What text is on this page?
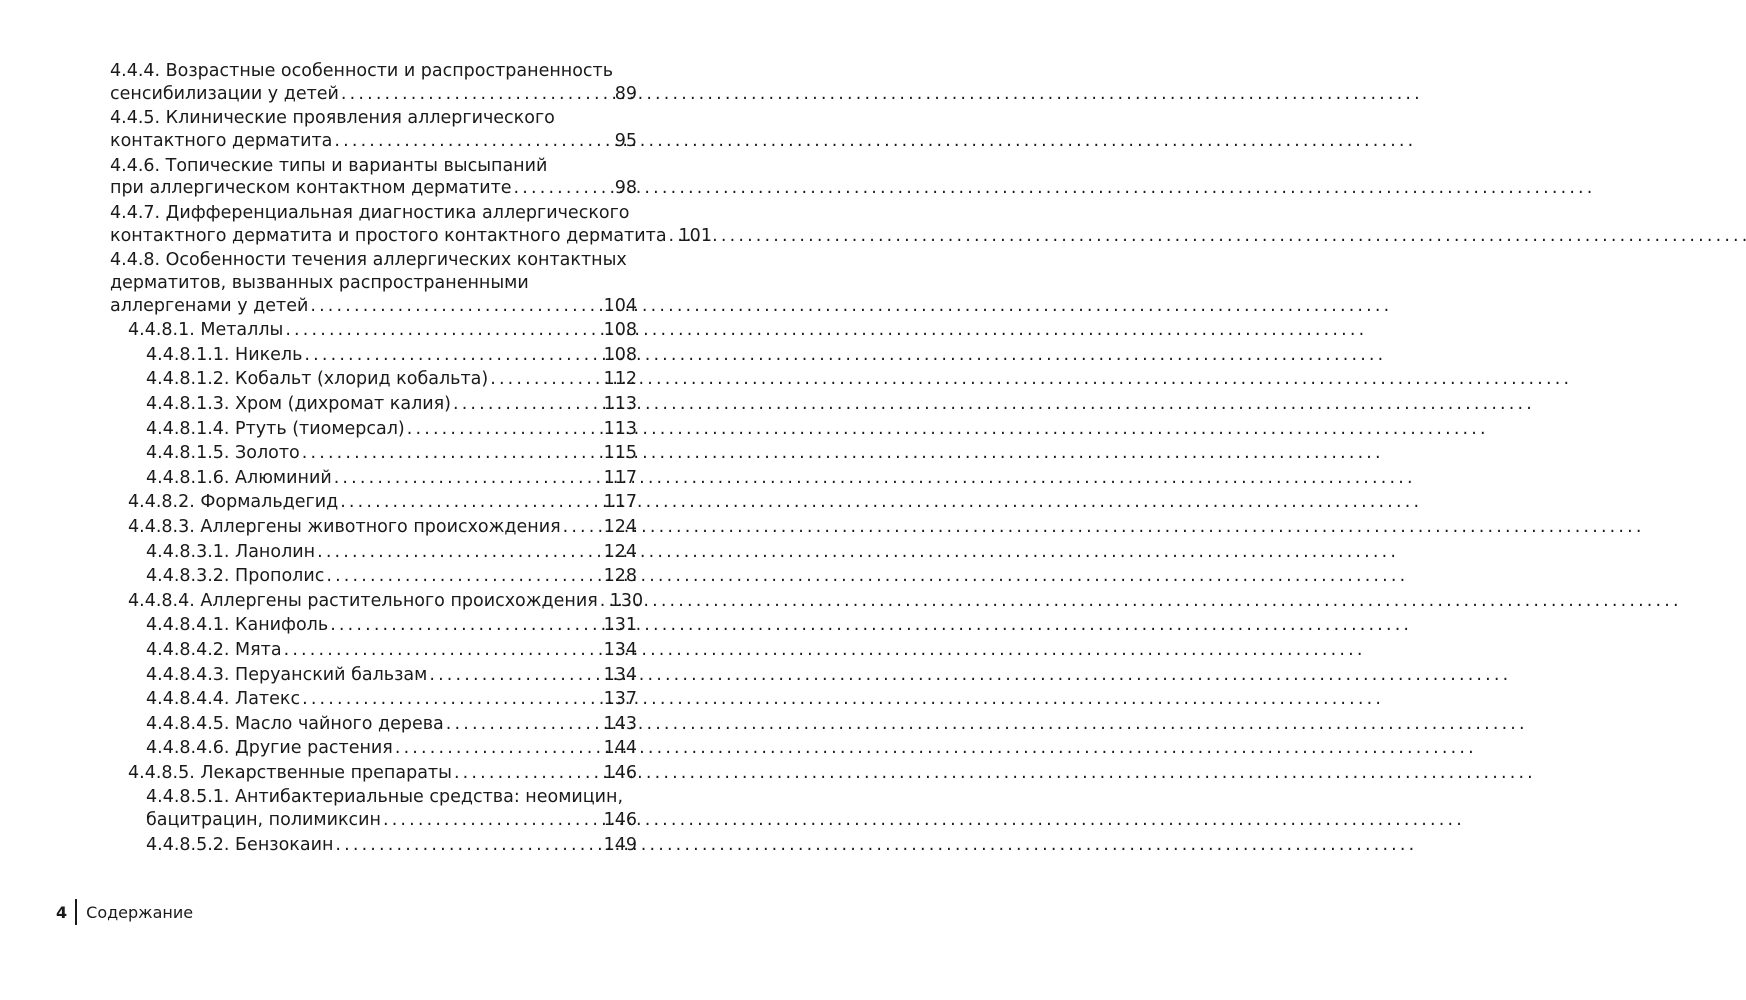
4.4.4. Возрастные особенности и распространенность
сенсибилизации у детей . . .	89
4.4.5. Клинические проявления аллергического
контактного дерматита . . .	95
4.4.6. Топические типы и варианты высыпаний
при аллергическом контактном дерматите . . .	98
4.4.7. Дифференциальная диагностика аллергического
контактного дерматита и простого контактного дерматита . . . 101
4.4.8. Особенности течения аллергических контактных
дерматитов, вызванных распространенными
аллергенами у детей . . .	104
4.4.8.1. Металлы . . .	108
4.4.8.1.1. Никель . . .	108
4.4.8.1.2. Кобальт (хлорид кобальта) . . .	112
4.4.8.1.3. Хром (дихромат калия) . . .	113
4.4.8.1.4. Ртуть (тиомерсал) . . .	113
4.4.8.1.5. Золото . . .	115
4.4.8.1.6. Алюминий . . .	117
4.4.8.2. Формальдегид . . .	117
4.4.8.3. Аллергены животного происхождения . . . 124
4.4.8.3.1. Ланолин . . .	124
4.4.8.3.2. Прополис . . .	128
4.4.8.4. Аллергены растительного происхождения . . . 130
4.4.8.4.1. Канифоль . . .	131
4.4.8.4.2. Мята . . .	134
4.4.8.4.3. Перуанский бальзам . . .	134
4.4.8.4.4. Латекс . . .	137
4.4.8.4.5. Масло чайного дерева . . .	143
4.4.8.4.6. Другие растения . . .	144
4.4.8.5. Лекарственные препараты . . .	146
4.4.8.5.1. Антибактериальные средства: неомицин,
бацитрацин, полимиксин . . .	146
4.4.8.5.2. Бензокаин . . .	149
4 Содержание
